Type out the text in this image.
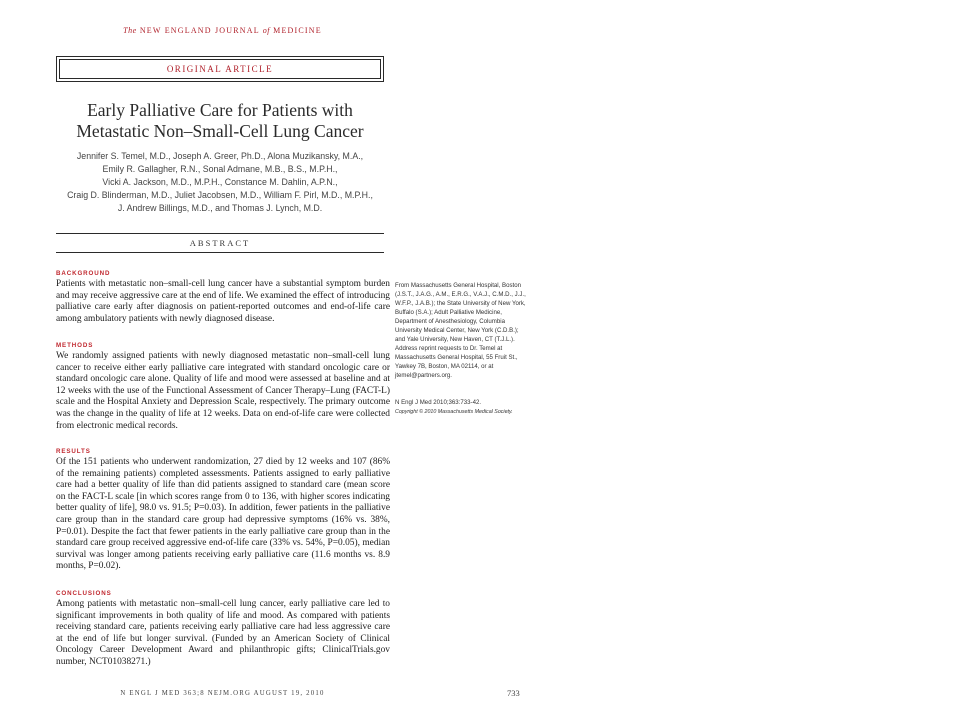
The NEW ENGLAND JOURNAL of MEDICINE
ORIGINAL ARTICLE
Early Palliative Care for Patients with
Metastatic Non–Small-Cell Lung Cancer
Jennifer S. Temel, M.D., Joseph A. Greer, Ph.D., Alona Muzikansky, M.A.,
Emily R. Gallagher, R.N., Sonal Admane, M.B., B.S., M.P.H.,
Vicki A. Jackson, M.D., M.P.H., Constance M. Dahlin, A.P.N.,
Craig D. Blinderman, M.D., Juliet Jacobsen, M.D., William F. Pirl, M.D., M.P.H.,
J. Andrew Billings, M.D., and Thomas J. Lynch, M.D.
ABSTRACT
BACKGROUND
Patients with metastatic non–small-cell lung cancer have a substantial symptom burden and may receive aggressive care at the end of life. We examined the effect of introducing palliative care early after diagnosis on patient-reported outcomes and end-of-life care among ambulatory patients with newly diagnosed disease.
METHODS
We randomly assigned patients with newly diagnosed metastatic non–small-cell lung cancer to receive either early palliative care integrated with standard oncologic care or standard oncologic care alone. Quality of life and mood were assessed at baseline and at 12 weeks with the use of the Functional Assessment of Cancer Therapy–Lung (FACT-L) scale and the Hospital Anxiety and Depression Scale, respectively. The primary outcome was the change in the quality of life at 12 weeks. Data on end-of-life care were collected from electronic medical records.
RESULTS
Of the 151 patients who underwent randomization, 27 died by 12 weeks and 107 (86% of the remaining patients) completed assessments. Patients assigned to early palliative care had a better quality of life than did patients assigned to standard care (mean score on the FACT-L scale [in which scores range from 0 to 136, with higher scores indicating better quality of life], 98.0 vs. 91.5; P=0.03). In addition, fewer patients in the palliative care group than in the standard care group had depressive symptoms (16% vs. 38%, P=0.01). Despite the fact that fewer patients in the early palliative care group than in the standard care group received aggressive end-of-life care (33% vs. 54%, P=0.05), median survival was longer among patients receiving early palliative care (11.6 months vs. 8.9 months, P=0.02).
CONCLUSIONS
Among patients with metastatic non–small-cell lung cancer, early palliative care led to significant improvements in both quality of life and mood. As compared with patients receiving standard care, patients receiving early palliative care had less aggressive care at the end of life but longer survival. (Funded by an American Society of Clinical Oncology Career Development Award and philanthropic gifts; ClinicalTrials.gov number, NCT01038271.)
From Massachusetts General Hospital, Boston (J.S.T., J.A.G., A.M., E.R.G., V.A.J., C.M.D., J.J., W.F.P., J.A.B.); the State University of New York, Buffalo (S.A.); Adult Palliative Medicine, Department of Anesthesiology, Columbia University Medical Center, New York (C.D.B.); and Yale University, New Haven, CT (T.J.L.). Address reprint requests to Dr. Temel at Massachusetts General Hospital, 55 Fruit St., Yawkey 7B, Boston, MA 02114, or at jtemel@partners.org.
N Engl J Med 2010;363:733-42.
Copyright © 2010 Massachusetts Medical Society.
N ENGL J MED 363;8 NEJM.ORG AUGUST 19, 2010	733
